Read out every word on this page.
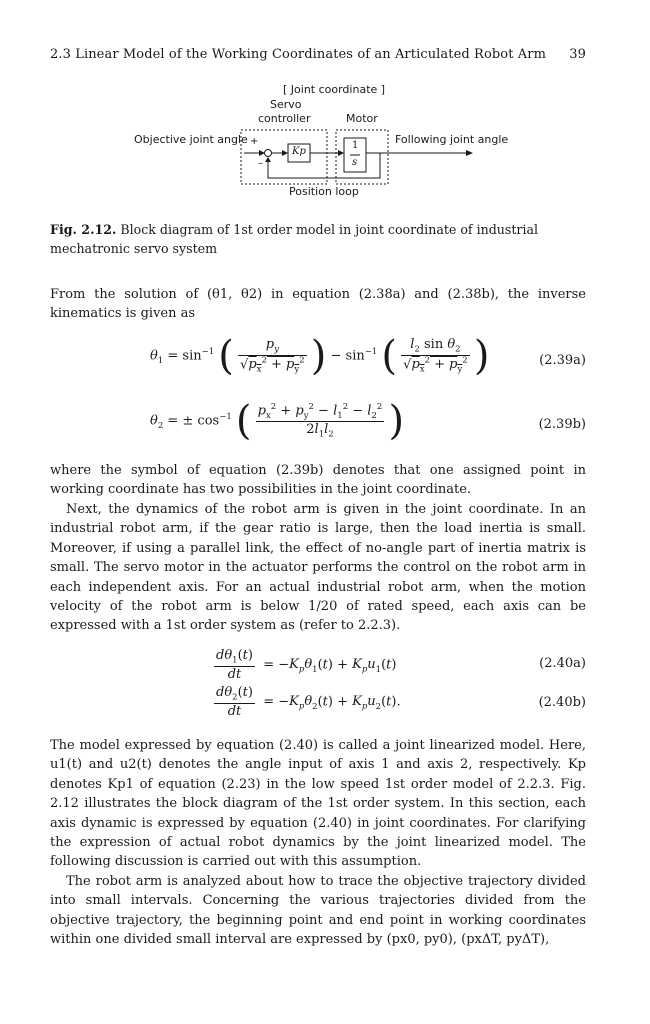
2.3 Linear Model of the Working Coordinates of an Articulated Robot Arm 39
[ Joint coordinate ]
Servo
controller	Motor
Objective joint angle	Following joint angle
+
–
Kp
1
s
Position loop
Fig. 2.12. Block diagram of 1st order model in joint coordinate of industrial mechatronic servo system
From the solution of (θ1, θ2) in equation (2.38a) and (2.38b), the inverse kinematics is given as
$\theta_1 = \sin^{-1}$ ( $\frac{p_y}{√p_x^2 + p_y^2}$ ) − $\sin^{-1}$ ( $\frac{l_2 \sin \theta_2}{√p_x^2 + p_y^2}$ )	(2.39a)
$\theta_2$ = ± $\cos^{-1}$ ( $\frac{p_x^2 + p_y^2 - l_1^2 - l_2^2}{2l_1l_2}$ )	(2.39b)
where the symbol of equation (2.39b) denotes that one assigned point in working coordinate has two possibilities in the joint coordinate.
Next, the dynamics of the robot arm is given in the joint coordinate. In an industrial robot arm, if the gear ratio is large, then the load inertia is small. Moreover, if using a parallel link, the effect of no-angle part of inertia matrix is small. The servo motor in the actuator performs the control on the robot arm in each independent axis. For an actual industrial robot arm, when the motion velocity of the robot arm is below 1/20 of rated speed, each axis can be expressed with a 1st order system as (refer to 2.2.3).
$\frac{d\theta_1(t)}{dt} = -K_p\theta_1(t) + K_pu_1(t)$	(2.40a)
$\frac{d\theta_2(t)}{dt} = -K_p\theta_2(t) + K_pu_2(t)$.	(2.40b)
The model expressed by equation (2.40) is called a joint linearized model. Here, u1(t) and u2(t) denotes the angle input of axis 1 and axis 2, respectively. Kp denotes Kp1 of equation (2.23) in the low speed 1st order model of 2.2.3. Fig. 2.12 illustrates the block diagram of the 1st order system. In this section, each axis dynamic is expressed by equation (2.40) in joint coordinates. For clarifying the expression of actual robot dynamics by the joint linearized model. The following discussion is carried out with this assumption.
The robot arm is analyzed about how to trace the objective trajectory divided into small intervals. Concerning the various trajectories divided from the objective trajectory, the beginning point and end point in working coordinates within one divided small interval are expressed by (px0, py0), (pxΔT, pyΔT),
